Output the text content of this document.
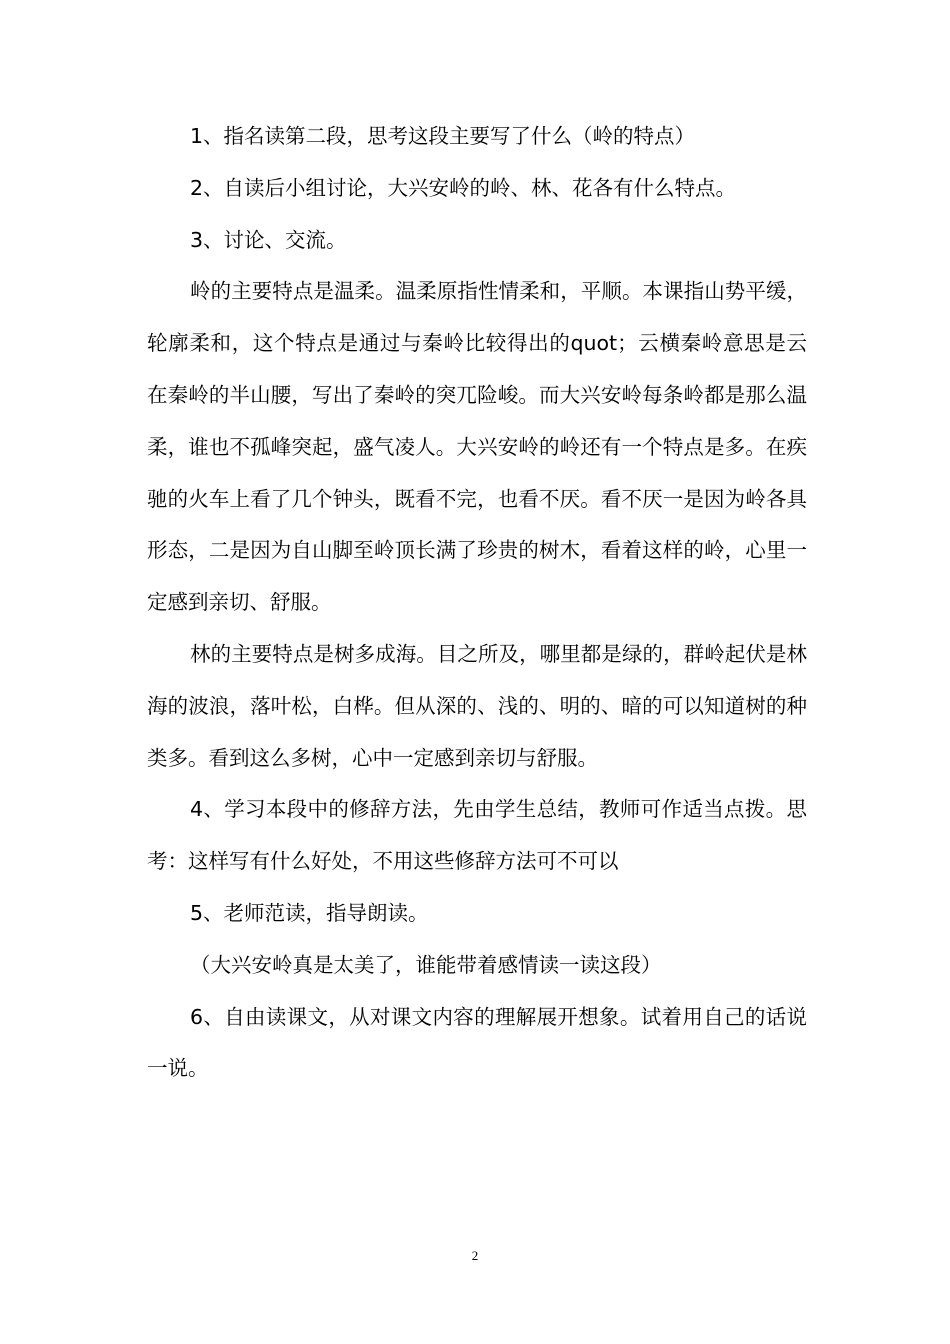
1、指名读第二段，思考这段主要写了什么（岭的特点）

2、自读后小组讨论，大兴安岭的岭、林、花各有什么特点。

3、讨论、交流。

岭的主要特点是温柔。温柔原指性情柔和，平顺。本课指山势平缓，轮廓柔和，这个特点是通过与秦岭比较得出的quot；云横秦岭意思是云在秦岭的半山腰，写出了秦岭的突兀险峻。而大兴安岭每条岭都是那么温柔，谁也不孤峰突起，盛气凌人。大兴安岭的岭还有一个特点是多。在疾驰的火车上看了几个钟头，既看不完，也看不厌。看不厌一是因为岭各具形态，二是因为自山脚至岭顶长满了珍贵的树木，看着这样的岭，心里一定感到亲切、舒服。

林的主要特点是树多成海。目之所及，哪里都是绿的，群岭起伏是林海的波浪，落叶松，白桦。但从深的、浅的、明的、暗的可以知道树的种类多。看到这么多树，心中一定感到亲切与舒服。

4、学习本段中的修辞方法，先由学生总结，教师可作适当点拨。思考：这样写有什么好处，不用这些修辞方法可不可以

5、老师范读，指导朗读。

（大兴安岭真是太美了，谁能带着感情读一读这段）

6、自由读课文，从对课文内容的理解展开想象。试着用自己的话说一说。

2
